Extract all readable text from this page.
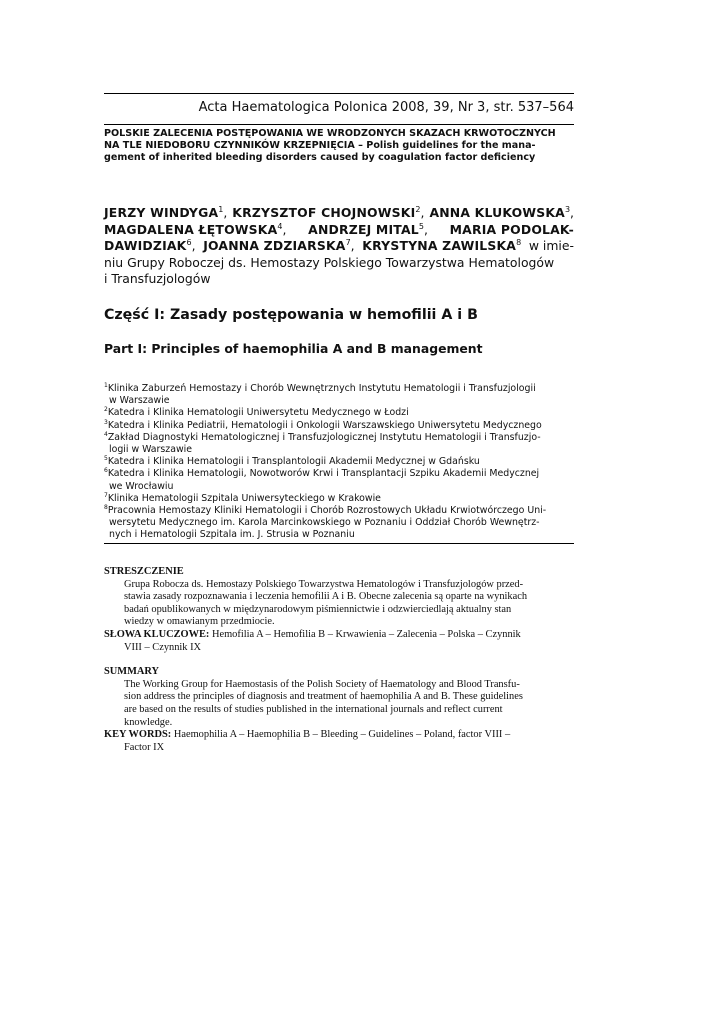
Acta Haematologica Polonica 2008, 39, Nr 3, str. 537–564
POLSKIE ZALECENIA POSTĘPOWANIA WE WRODZONYCH SKAZACH KRWOTOCZNYCH
NA TLE NIEDOBORU CZYNNIKÓW KRZEPNIĘCIA – Polish guidelines for the mana-
gement of inherited bleeding disorders caused by coagulation factor deficiency
JERZY WINDYGA$^1$, KRZYSZTOF CHOJNOWSKI$^2$, ANNA KLUKOWSKA$^3$,
MAGDALENA ŁĘTOWSKA$^4$, ANDRZEJ MITAL$^5$, MARIA PODOLAK-
DAWIDZIAK$^6$, JOANNA ZDZIARSKA$^7$, KRYSTYNA ZAWILSKA$^8$ w imie-
niu Grupy Roboczej ds. Hemostazy Polskiego Towarzystwa Hematologów
i Transfuzjologów
Część I: Zasady postępowania w hemofilii A i B
Part I: Principles of haemophilia A and B management
$^1$Klinika Zaburzeń Hemostazy i Chorób Wewnętrznych Instytutu Hematologii i Transfuzjologii
w Warszawie
$^2$Katedra i Klinika Hematologii Uniwersytetu Medycznego w Łodzi
$^3$Katedra i Klinika Pediatrii, Hematologii i Onkologii Warszawskiego Uniwersytetu Medycznego
$^4$Zakład Diagnostyki Hematologicznej i Transfuzjologicznej Instytutu Hematologii i Transfuzjo-
logii w Warszawie
$^5$Katedra i Klinika Hematologii i Transplantologii Akademii Medycznej w Gdańsku
$^6$Katedra i Klinika Hematologii, Nowotworów Krwi i Transplantacji Szpiku Akademii Medycznej
we Wrocławiu
$^7$Klinika Hematologii Szpitala Uniwersyteckiego w Krakowie
$^8$Pracownia Hemostazy Kliniki Hematologii i Chorób Rozrostowych Układu Krwiotwórczego Uni-
wersytetu Medycznego im. Karola Marcinkowskiego w Poznaniu i Oddział Chorób Wewnętrz-
nych i Hematologii Szpitala im. J. Strusia w Poznaniu
STRESZCZENIE
Grupa Robocza ds. Hemostazy Polskiego Towarzystwa Hematologów i Transfuzjologów przed-
stawia zasady rozpoznawania i leczenia hemofilii A i B. Obecne zalecenia są oparte na wynikach
badań opublikowanych w międzynarodowym piśmiennictwie i odzwierciedlają aktualny stan
wiedzy w omawianym przedmiocie.
SŁOWA KLUCZOWE: Hemofilia A – Hemofilia B – Krwawienia – Zalecenia – Polska – Czynnik
VIII – Czynnik IX
SUMMARY
The Working Group for Haemostasis of the Polish Society of Haematology and Blood Transfu-
sion address the principles of diagnosis and treatment of haemophilia A and B. These guidelines
are based on the results of studies published in the international journals and reflect current
knowledge.
KEY WORDS: Haemophilia A – Haemophilia B – Bleeding – Guidelines – Poland, factor VIII –
Factor IX
